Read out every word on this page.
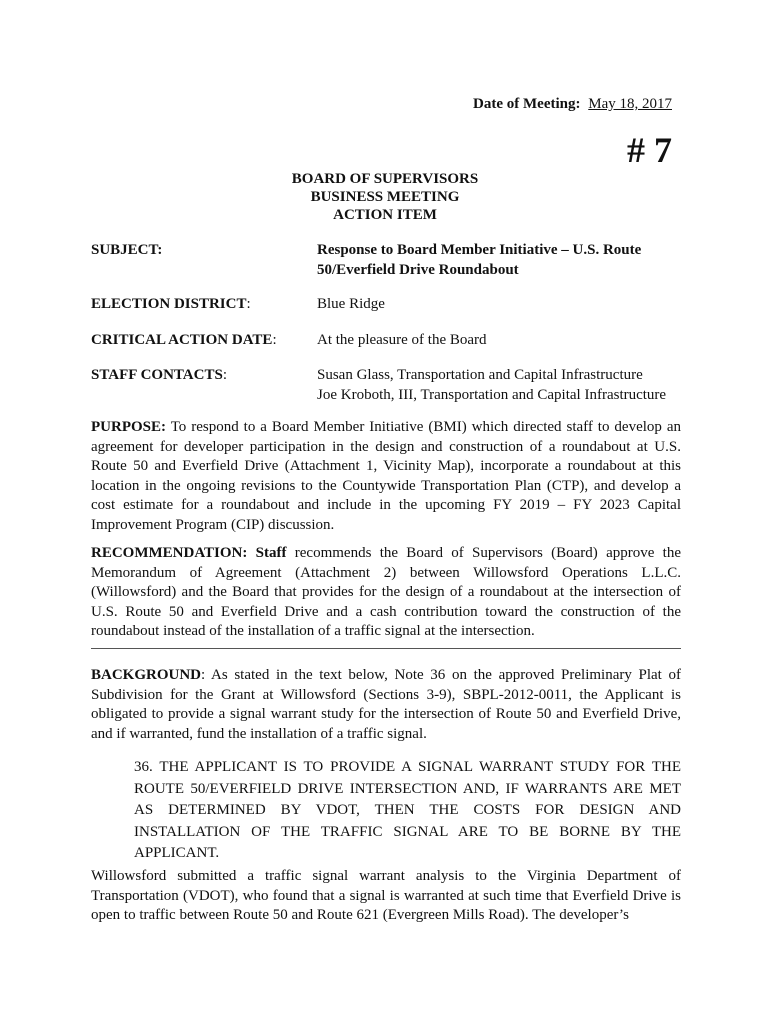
Date of Meeting: May 18, 2017
# 7
BOARD OF SUPERVISORS
BUSINESS MEETING
ACTION ITEM
SUBJECT:	Response to Board Member Initiative – U.S. Route
50/Everfield Drive Roundabout
ELECTION DISTRICT:	Blue Ridge
CRITICAL ACTION DATE:	At the pleasure of the Board
STAFF CONTACTS:	Susan Glass, Transportation and Capital Infrastructure
Joe Kroboth, III, Transportation and Capital Infrastructure

PURPOSE: To respond to a Board Member Initiative (BMI) which directed staff to develop an agreement for developer participation in the design and construction of a roundabout at U.S. Route 50 and Everfield Drive (Attachment 1, Vicinity Map), incorporate a roundabout at this location in the ongoing revisions to the Countywide Transportation Plan (CTP), and develop a cost estimate for a roundabout and include in the upcoming FY 2019 – FY 2023 Capital Improvement Program (CIP) discussion.

RECOMMENDATION: Staff recommends the Board of Supervisors (Board) approve the Memorandum of Agreement (Attachment 2) between Willowsford Operations L.L.C. (Willowsford) and the Board that provides for the design of a roundabout at the intersection of U.S. Route 50 and Everfield Drive and a cash contribution toward the construction of the roundabout instead of the installation of a traffic signal at the intersection.

BACKGROUND: As stated in the text below, Note 36 on the approved Preliminary Plat of Subdivision for the Grant at Willowsford (Sections 3-9), SBPL-2012-0011, the Applicant is obligated to provide a signal warrant study for the intersection of Route 50 and Everfield Drive, and if warranted, fund the installation of a traffic signal.

36. THE APPLICANT IS TO PROVIDE A SIGNAL WARRANT STUDY FOR THE ROUTE 50/EVERFIELD DRIVE INTERSECTION AND, IF WARRANTS ARE MET AS DETERMINED BY VDOT, THEN THE COSTS FOR DESIGN AND INSTALLATION OF THE TRAFFIC SIGNAL ARE TO BE BORNE BY THE APPLICANT.

Willowsford submitted a traffic signal warrant analysis to the Virginia Department of Transportation (VDOT), who found that a signal is warranted at such time that Everfield Drive is open to traffic between Route 50 and Route 621 (Evergreen Mills Road). The developer’s
